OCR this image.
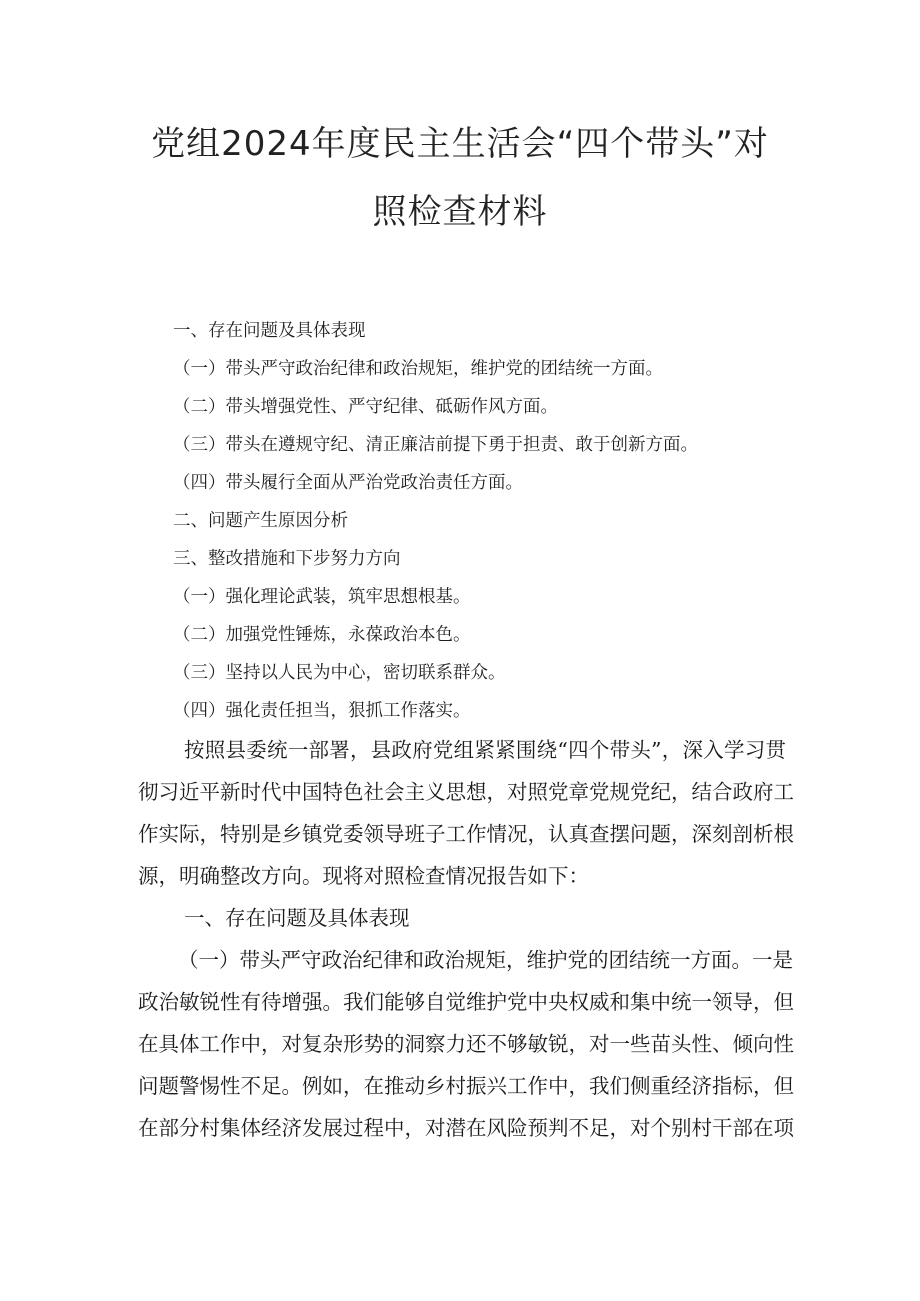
党组2024年度民主生活会“四个带头”对
照检查材料
一、存在问题及具体表现
（一）带头严守政治纪律和政治规矩，维护党的团结统一方面。
（二）带头增强党性、严守纪律、砥砺作风方面。
（三）带头在遵规守纪、清正廉洁前提下勇于担责、敢于创新方面。
（四）带头履行全面从严治党政治责任方面。
二、问题产生原因分析
三、整改措施和下步努力方向
（一）强化理论武装，筑牢思想根基。
（二）加强党性锤炼，永葆政治本色。
（三）坚持以人民为中心，密切联系群众。
（四）强化责任担当，狠抓工作落实。
按照县委统一部署，县政府党组紧紧围绕“四个带头”，深入学习贯
彻习近平新时代中国特色社会主义思想，对照党章党规党纪，结合政府工
作实际，特别是乡镇党委领导班子工作情况，认真查摆问题，深刻剖析根
源，明确整改方向。现将对照检查情况报告如下：
一、存在问题及具体表现
（一）带头严守政治纪律和政治规矩，维护党的团结统一方面。一是
政治敏锐性有待增强。我们能够自觉维护党中央权威和集中统一领导，但
在具体工作中，对复杂形势的洞察力还不够敏锐，对一些苗头性、倾向性
问题警惕性不足。例如，在推动乡村振兴工作中，我们侧重经济指标，但
在部分村集体经济发展过程中，对潜在风险预判不足，对个别村干部在项
